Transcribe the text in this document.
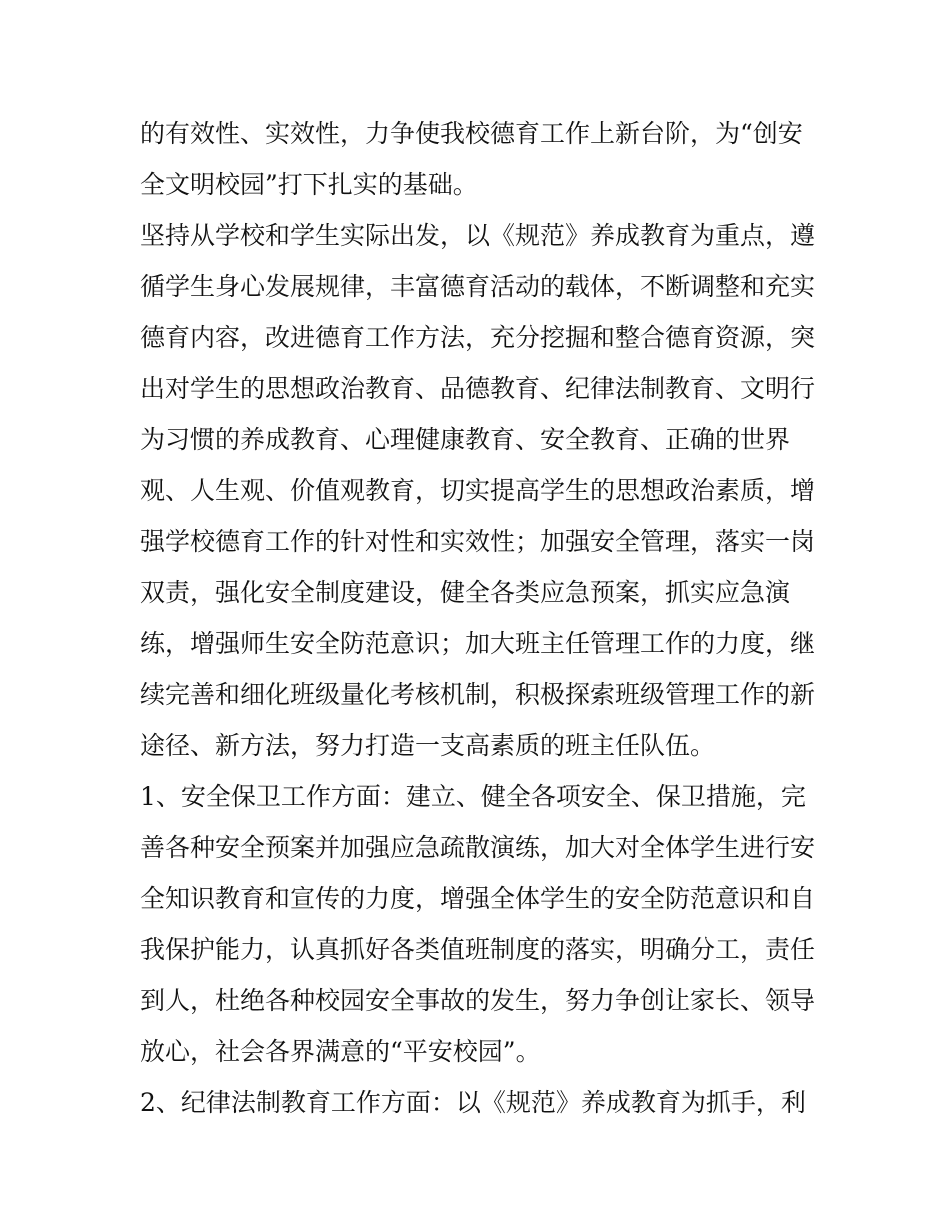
的有效性、实效性，力争使我校德育工作上新台阶，为“创安
全文明校园”打下扎实的基础。
坚持从学校和学生实际出发，以《规范》养成教育为重点，遵
循学生身心发展规律，丰富德育活动的载体，不断调整和充实
德育内容，改进德育工作方法，充分挖掘和整合德育资源，突
出对学生的思想政治教育、品德教育、纪律法制教育、文明行
为习惯的养成教育、心理健康教育、安全教育、正确的世界
观、人生观、价值观教育，切实提高学生的思想政治素质，增
强学校德育工作的针对性和实效性；加强安全管理，落实一岗
双责，强化安全制度建设，健全各类应急预案，抓实应急演
练，增强师生安全防范意识；加大班主任管理工作的力度，继
续完善和细化班级量化考核机制，积极探索班级管理工作的新
途径、新方法，努力打造一支高素质的班主任队伍。
1、安全保卫工作方面：建立、健全各项安全、保卫措施，完
善各种安全预案并加强应急疏散演练，加大对全体学生进行安
全知识教育和宣传的力度，增强全体学生的安全防范意识和自
我保护能力，认真抓好各类值班制度的落实，明确分工，责任
到人，杜绝各种校园安全事故的发生，努力争创让家长、领导
放心，社会各界满意的“平安校园”。
2、纪律法制教育工作方面：以《规范》养成教育为抓手，利
